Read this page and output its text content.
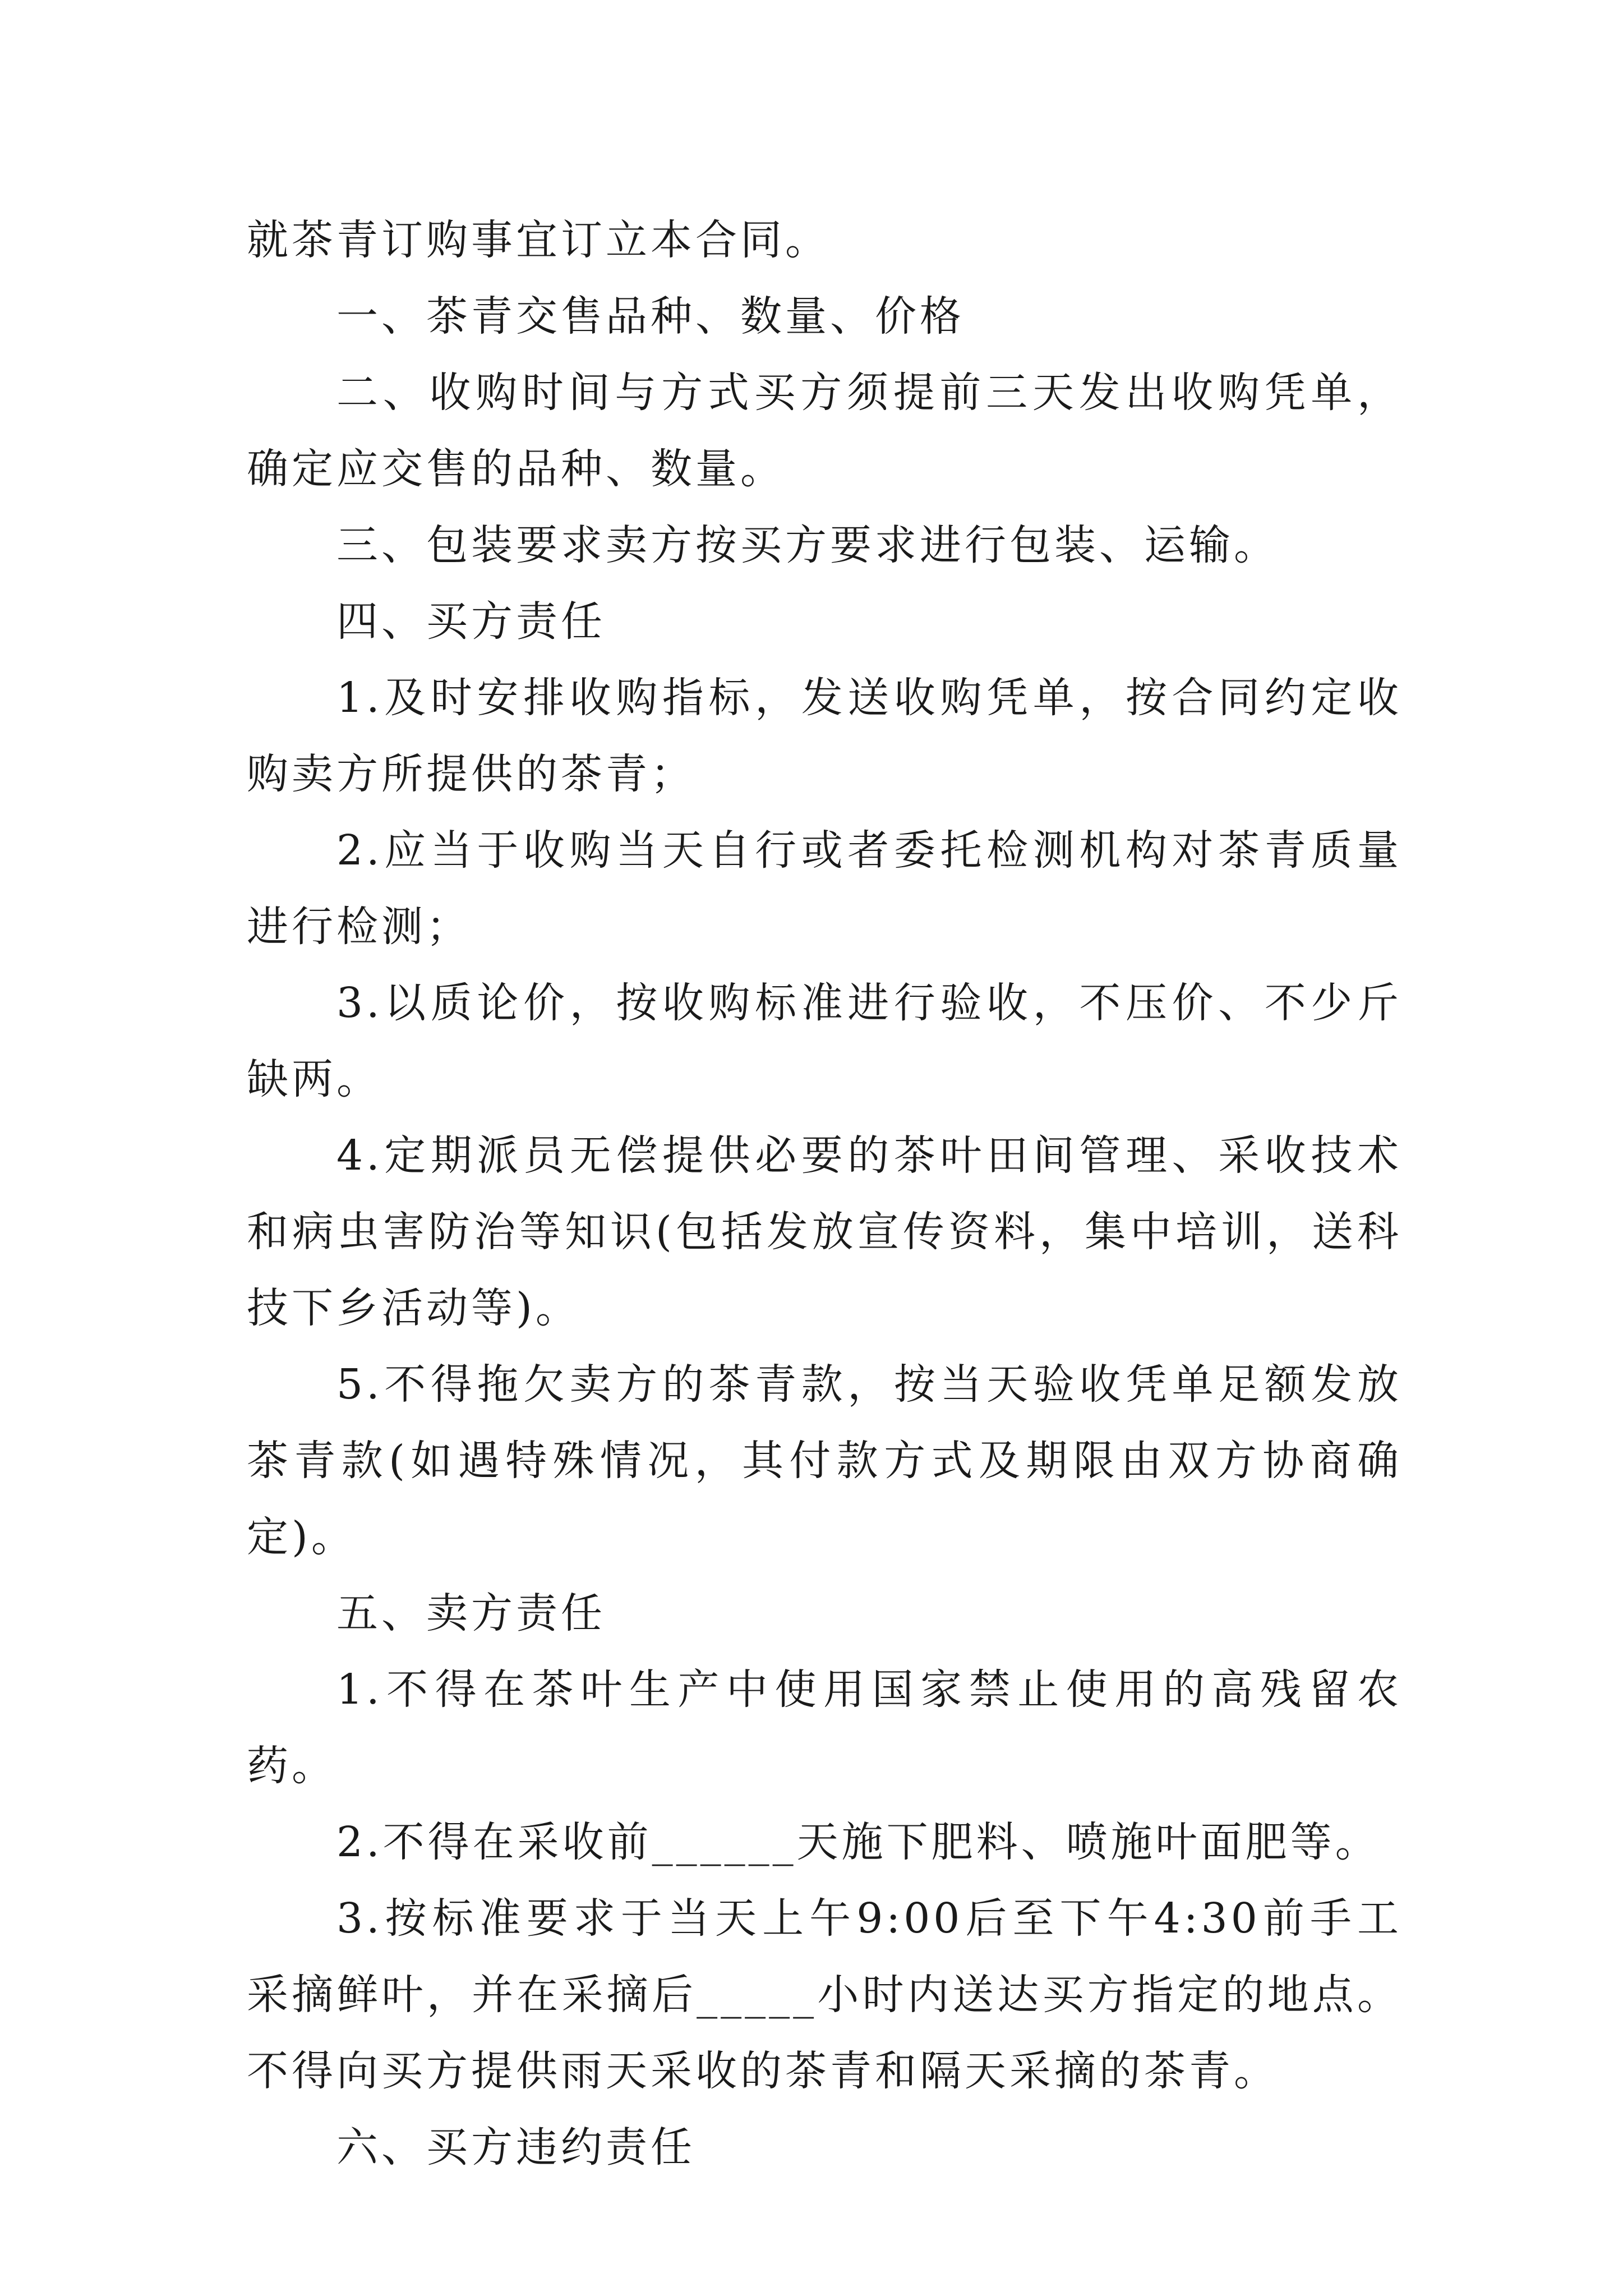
就茶青订购事宜订立本合同。

一、茶青交售品种、数量、价格

二、收购时间与方式买方须提前三天发出收购凭单，确定应交售的品种、数量。

三、包装要求卖方按买方要求进行包装、运输。

四、买方责任

1.及时安排收购指标，发送收购凭单，按合同约定收购卖方所提供的茶青；

2.应当于收购当天自行或者委托检测机构对茶青质量进行检测；

3.以质论价，按收购标准进行验收，不压价、不少斤缺两。

4.定期派员无偿提供必要的茶叶田间管理、采收技术和病虫害防治等知识(包括发放宣传资料，集中培训，送科技下乡活动等)。

5.不得拖欠卖方的茶青款，按当天验收凭单足额发放茶青款(如遇特殊情况，其付款方式及期限由双方协商确定)。

五、卖方责任

1.不得在茶叶生产中使用国家禁止使用的高残留农药。

2.不得在采收前______天施下肥料、喷施叶面肥等。

3.按标准要求于当天上午9:00后至下午4:30前手工采摘鲜叶，并在采摘后_____小时内送达买方指定的地点。不得向买方提供雨天采收的茶青和隔天采摘的茶青。

六、买方违约责任
